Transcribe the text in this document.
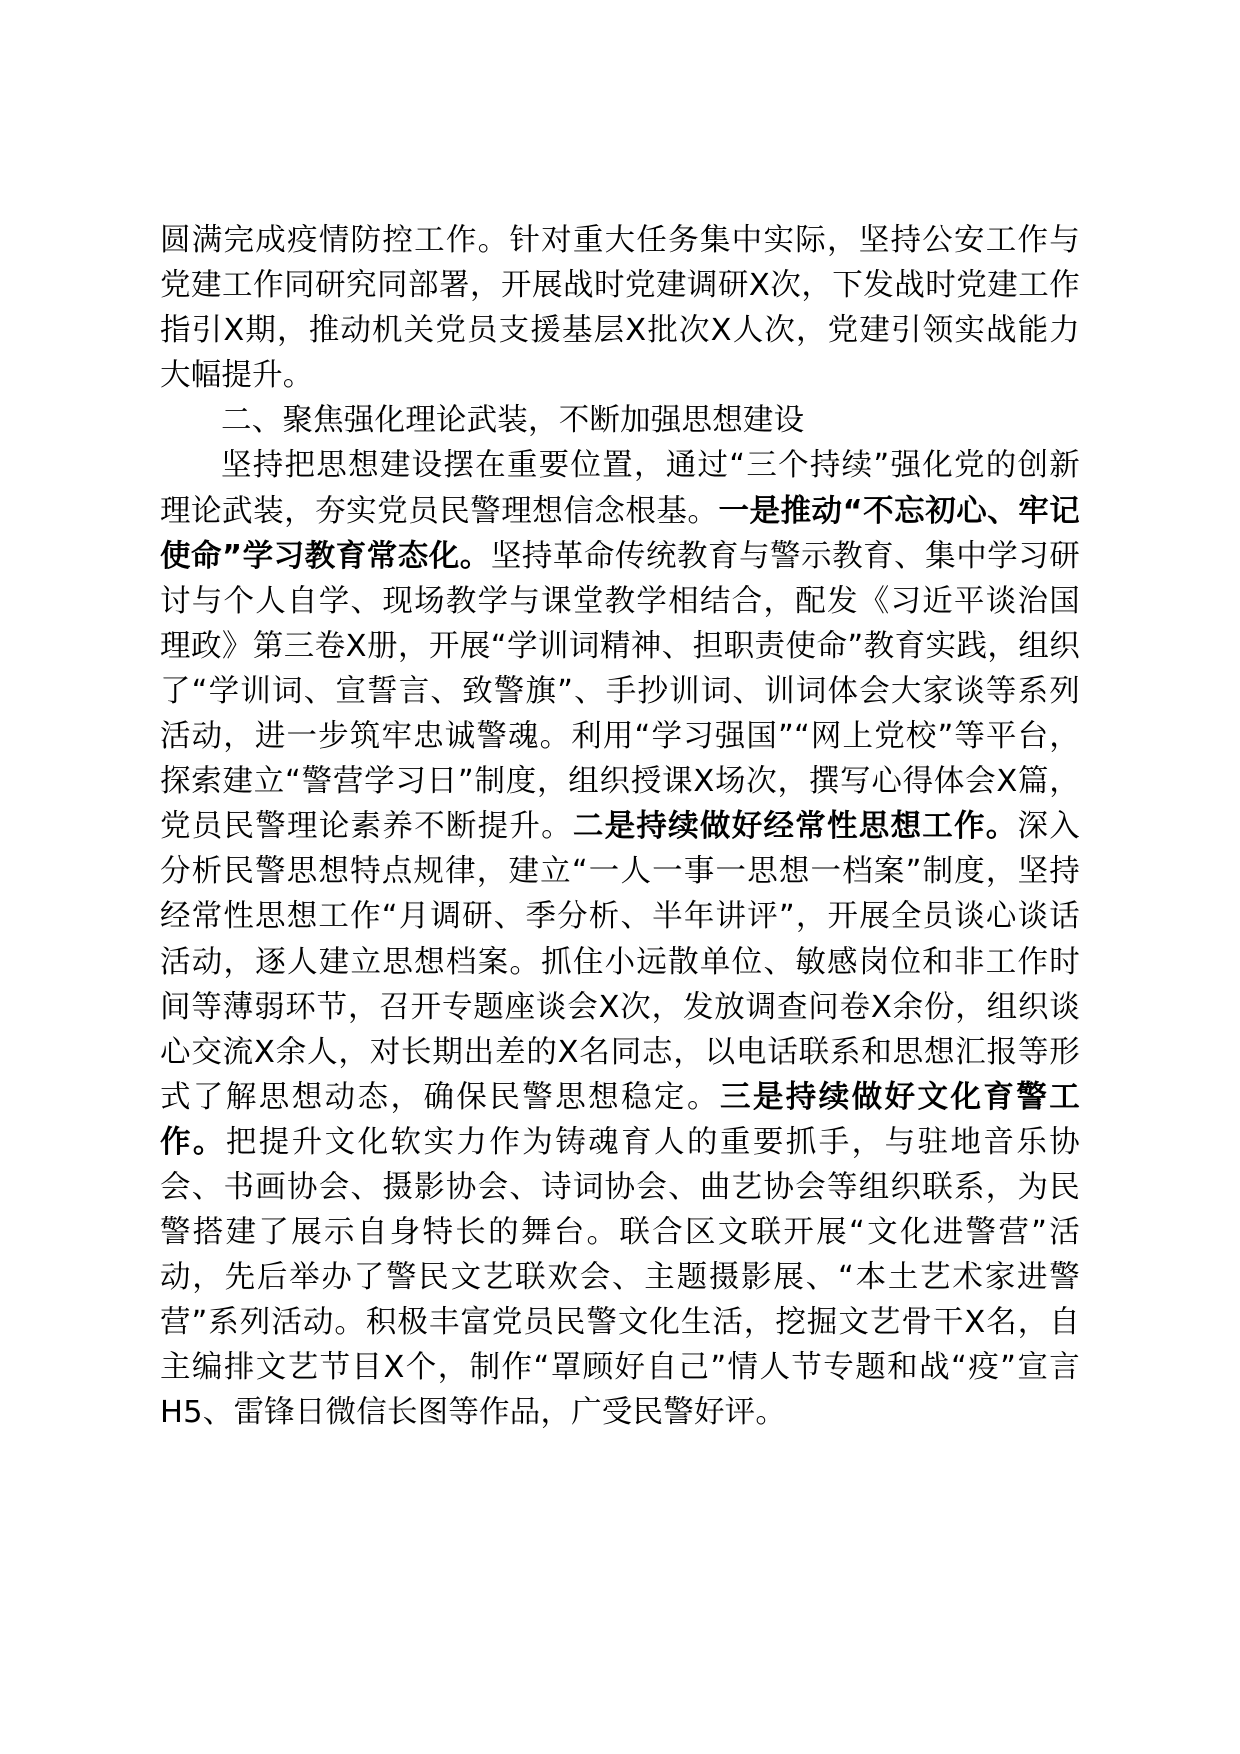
圆满完成疫情防控工作。针对重大任务集中实际，坚持公安工作与党建工作同研究同部署，开展战时党建调研X次，下发战时党建工作指引X期，推动机关党员支援基层X批次X人次，党建引领实战能力大幅提升。

二、聚焦强化理论武装，不断加强思想建设

坚持把思想建设摆在重要位置，通过“三个持续”强化党的创新理论武装，夯实党员民警理想信念根基。一是推动“不忘初心、牢记使命”学习教育常态化。坚持革命传统教育与警示教育、集中学习研讨与个人自学、现场教学与课堂教学相结合，配发《习近平谈治国理政》第三卷X册，开展“学训词精神、担职责使命”教育实践，组织了“学训词、宣誓言、致警旗”、手抄训词、训词体会大家谈等系列活动，进一步筑牢忠诚警魂。利用“学习强国”“网上党校”等平台，探索建立“警营学习日”制度，组织授课X场次，撰写心得体会X篇，党员民警理论素养不断提升。二是持续做好经常性思想工作。深入分析民警思想特点规律，建立“一人一事一思想一档案”制度，坚持经常性思想工作“月调研、季分析、半年讲评”，开展全员谈心谈话活动，逐人建立思想档案。抓住小远散单位、敏感岗位和非工作时间等薄弱环节，召开专题座谈会X次，发放调查问卷X余份，组织谈心交流X余人，对长期出差的X名同志，以电话联系和思想汇报等形式了解思想动态，确保民警思想稳定。三是持续做好文化育警工作。把提升文化软实力作为铸魂育人的重要抓手，与驻地音乐协会、书画协会、摄影协会、诗词协会、曲艺协会等组织联系，为民警搭建了展示自身特长的舞台。联合区文联开展“文化进警营”活动，先后举办了警民文艺联欢会、主题摄影展、“本土艺术家进警营”系列活动。积极丰富党员民警文化生活，挖掘文艺骨干X名，自主编排文艺节目X个，制作“罩顾好自己”情人节专题和战“疫”宣言H5、雷锋日微信长图等作品，广受民警好评。
